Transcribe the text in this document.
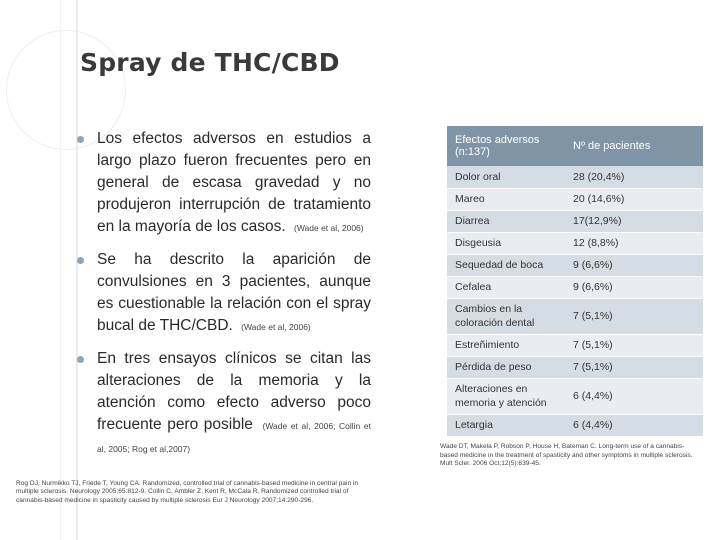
Spray de THC/CBD
Los efectos adversos en estudios a largo plazo fueron frecuentes pero en general de escasa gravedad y no produjeron interrupción de tratamiento en la mayoría de los casos. (Wade et al, 2006)
Se ha descrito la aparición de convulsiones en 3 pacientes, aunque es cuestionable la relación con el spray bucal de THC/CBD. (Wade et al, 2006)
En tres ensayos clínicos se citan las alteraciones de la memoria y la atención como efecto adverso poco frecuente pero posible (Wade et al, 2006; Collin et al, 2005; Rog et al,2007)
Rog DJ, Nurmikko TJ, Friede T, Young CA. Randomized, controlled trial of cannabis-based medicine in central pain in multiple sclerosis. Neurology 2005;65:812-9. Collin C, Ambler Z, Kent R, McCala R. Randomized controlled trial of cannabis-based medicine in spasticity caused by multiple sclerosis Eur J Neurology 2007;14:290-296.
Efectos adversos (n:137)	Nº de pacientes
Dolor oral	28 (20,4%)
Mareo	20 (14,6%)
Diarrea	17(12,9%)
Disgeusia	12 (8,8%)
Sequedad de boca	9 (6,6%)
Cefalea	9 (6,6%)
Cambios en la coloración dental	7 (5,1%)
Estreñimiento	7 (5,1%)
Pérdida de peso	7 (5,1%)
Alteraciones en memoria y atención	6 (4,4%)
Letargia	6 (4,4%)
Wade DT, Makela P, Robson P, House H, Bateman C. Long-term use of a cannabis-based medicine in the treatment of spasticity and other symptoms in multiple sclerosis. Mult Scler. 2006 Oct;12(5):639-45.
